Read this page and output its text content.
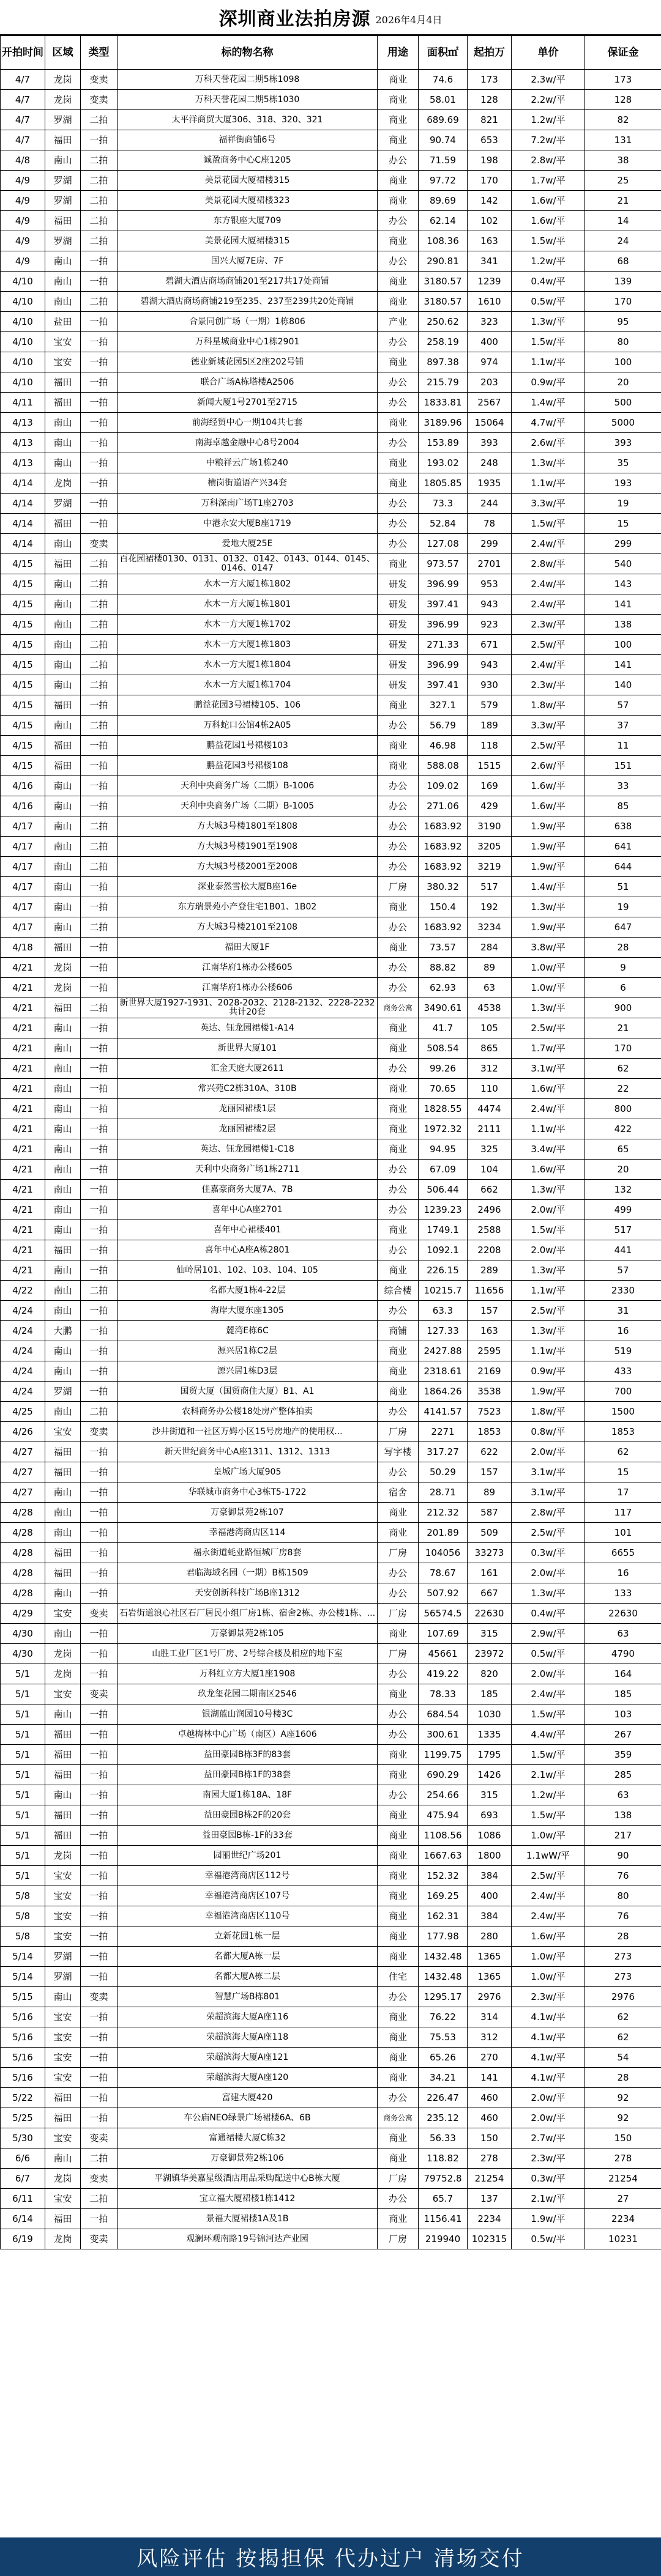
深圳商业法拍房源 2026年4月4日
开拍时间	区域	类型	标的物名称	用途	面积㎡	起拍万	单价	保证金
4/7	龙岗	变卖	万科天誉花园二期5栋1098	商业	74.6	173	2.3w/平	173
4/7	龙岗	变卖	万科天誉花园二期5栋1030	商业	58.01	128	2.2w/平	128
4/7	罗湖	二拍	太平洋商贸大厦306、318、320、321	商业	689.69	821	1.2w/平	82
4/7	福田	一拍	福祥街商铺6号	商业	90.74	653	7.2w/平	131
4/8	南山	二拍	诚盈商务中心C座1205	办公	71.59	198	2.8w/平	38
4/9	罗湖	二拍	美景花园大厦裙楼315	商业	97.72	170	1.7w/平	25
4/9	罗湖	二拍	美景花园大厦裙楼323	商业	89.69	142	1.6w/平	21
4/9	福田	二拍	东方银座大厦709	办公	62.14	102	1.6w/平	14
4/9	罗湖	二拍	美景花园大厦裙楼315	商业	108.36	163	1.5w/平	24
4/9	南山	一拍	国兴大厦7E房、7F	办公	290.81	341	1.2w/平	68
4/10	南山	一拍	碧湖大酒店商场商铺201至217共17处商铺	商业	3180.57	1239	0.4w/平	139
4/10	南山	二拍	碧湖大酒店商场商铺219至235、237至239共20处商铺	商业	3180.57	1610	0.5w/平	170
4/10	盐田	一拍	合景同创广场（一期）1栋806	产业	250.62	323	1.3w/平	95
4/10	宝安	一拍	万科星城商业中心1栋2901	办公	258.19	400	1.5w/平	80
4/10	宝安	一拍	德业新城花园5区2座202号铺	商业	897.38	974	1.1w/平	100
4/10	福田	一拍	联合广场A栋塔楼A2506	办公	215.79	203	0.9w/平	20
4/11	福田	一拍	新闻大厦1号2701至2715	办公	1833.81	2567	1.4w/平	500
4/13	南山	一拍	前海经贸中心一期104共七套	商业	3189.96	15064	4.7w/平	5000
4/13	南山	一拍	南海卓越金融中心8号2004	办公	153.89	393	2.6w/平	393
4/13	南山	一拍	中粮祥云广场1栋240	商业	193.02	248	1.3w/平	35
4/14	龙岗	一拍	横岗街道语产兴34套	商业	1805.85	1935	1.1w/平	193
4/14	罗湖	一拍	万科深南广场T1座2703	办公	73.3	244	3.3w/平	19
4/14	福田	一拍	中港永安大厦B座1719	办公	52.84	78	1.5w/平	15
4/14	南山	变卖	爱地大厦25E	办公	127.08	299	2.4w/平	299
4/15	福田	二拍	百花园裙楼0130、0131、0132、0142、0143、0144、0145、0146、0147	商业	973.57	2701	2.8w/平	540
4/15	南山	二拍	水木一方大厦1栋1802	研发	396.99	953	2.4w/平	143
4/15	南山	二拍	水木一方大厦1栋1801	研发	397.41	943	2.4w/平	141
4/15	南山	二拍	水木一方大厦1栋1702	研发	396.99	923	2.3w/平	138
4/15	南山	二拍	水木一方大厦1栋1803	研发	271.33	671	2.5w/平	100
4/15	南山	二拍	水木一方大厦1栋1804	研发	396.99	943	2.4w/平	141
4/15	南山	二拍	水木一方大厦1栋1704	研发	397.41	930	2.3w/平	140
4/15	福田	一拍	鹏益花园3号裙楼105、106	商业	327.1	579	1.8w/平	57
4/15	南山	二拍	万科蛇口公馆4栋2A05	办公	56.79	189	3.3w/平	37
4/15	福田	一拍	鹏益花园1号裙楼103	商业	46.98	118	2.5w/平	11
4/15	福田	一拍	鹏益花园3号裙楼108	商业	588.08	1515	2.6w/平	151
4/16	南山	一拍	天利中央商务广场（二期）B-1006	办公	109.02	169	1.6w/平	33
4/16	南山	一拍	天利中央商务广场（二期）B-1005	办公	271.06	429	1.6w/平	85
4/17	南山	二拍	方大城3号楼1801至1808	办公	1683.92	3190	1.9w/平	638
4/17	南山	二拍	方大城3号楼1901至1908	办公	1683.92	3205	1.9w/平	641
4/17	南山	二拍	方大城3号楼2001至2008	办公	1683.92	3219	1.9w/平	644
4/17	南山	一拍	深业泰然雪松大厦B座16e	厂房	380.32	517	1.4w/平	51
4/17	南山	一拍	东方瑞景苑小产登住宅1B01、1B02	商业	150.4	192	1.3w/平	19
4/17	南山	二拍	方大城3号楼2101至2108	办公	1683.92	3234	1.9w/平	647
4/18	福田	一拍	福田大厦1F	商业	73.57	284	3.8w/平	28
4/21	龙岗	一拍	江南华府1栋办公楼605	办公	88.82	89	1.0w/平	9
4/21	龙岗	一拍	江南华府1栋办公楼606	办公	62.93	63	1.0w/平	6
4/21	福田	二拍	新世界大厦1927-1931、2028-2032、2128-2132、2228-2232共计20套	商务公寓	3490.61	4538	1.3w/平	900
4/21	南山	一拍	英达、钰龙园裙楼1-A14	商业	41.7	105	2.5w/平	21
4/21	南山	一拍	新世界大厦101	商业	508.54	865	1.7w/平	170
4/21	南山	一拍	汇金天庭大厦2611	办公	99.26	312	3.1w/平	62
4/21	南山	一拍	常兴苑C2栋310A、310B	商业	70.65	110	1.6w/平	22
4/21	南山	一拍	龙丽园裙楼1层	商业	1828.55	4474	2.4w/平	800
4/21	南山	一拍	龙丽园裙楼2层	商业	1972.32	2111	1.1w/平	422
4/21	南山	一拍	英达、钰龙园裙楼1-C18	商业	94.95	325	3.4w/平	65
4/21	南山	一拍	天利中央商务广场1栋2711	办公	67.09	104	1.6w/平	20
4/21	南山	一拍	佳嘉豪商务大厦7A、7B	办公	506.44	662	1.3w/平	132
4/21	南山	一拍	喜年中心A座2701	办公	1239.23	2496	2.0w/平	499
4/21	南山	一拍	喜年中心裙楼401	商业	1749.1	2588	1.5w/平	517
4/21	福田	一拍	喜年中心A座A栋2801	办公	1092.1	2208	2.0w/平	441
4/21	南山	一拍	仙岭居101、102、103、104、105	商业	226.15	289	1.3w/平	57
4/22	南山	二拍	名都大厦1栋4-22层	综合楼	10215.7	11656	1.1w/平	2330
4/24	南山	一拍	海岸大厦东座1305	办公	63.3	157	2.5w/平	31
4/24	大鹏	一拍	麓湾E栋6C	商铺	127.33	163	1.3w/平	16
4/24	南山	一拍	源兴居1栋C2层	商业	2427.88	2595	1.1w/平	519
4/24	南山	一拍	源兴居1栋D3层	商业	2318.61	2169	0.9w/平	433
4/24	罗湖	一拍	国贸大厦（国贸商住大厦）B1、A1	商业	1864.26	3538	1.9w/平	700
4/25	南山	二拍	农科商务办公楼18处房产整体拍卖	办公	4141.57	7523	1.8w/平	1500
4/26	宝安	变卖	沙井街道和一社区万姆小区15号房地产的使用权...	厂房	2271	1853	0.8w/平	1853
4/27	福田	一拍	新天世纪商务中心A座1311、1312、1313	写字楼	317.27	622	2.0w/平	62
4/27	福田	一拍	皇城广场大厦905	办公	50.29	157	3.1w/平	15
4/27	南山	一拍	华联城市商务中心3栋T5-1722	宿舍	28.71	89	3.1w/平	17
4/28	南山	一拍	万豪御景苑2栋107	商业	212.32	587	2.8w/平	117
4/28	南山	一拍	幸福港湾商店区114	商业	201.89	509	2.5w/平	101
4/28	福田	一拍	福永街道蚝业路恒城厂房8套	厂房	104056	33273	0.3w/平	6655
4/28	福田	一拍	君临海域名园（一期）B栋1509	办公	78.67	161	2.0w/平	16
4/28	南山	一拍	天安创新科技广场B座1312	办公	507.92	667	1.3w/平	133
4/29	宝安	变卖	石岩街道浪心社区石厂居民小组厂房1栋、宿舍2栋、办公楼1栋、...	厂房	56574.5	22630	0.4w/平	22630
4/30	南山	一拍	万豪御景苑2栋105	商业	107.69	315	2.9w/平	63
4/30	龙岗	一拍	山胜工业厂区1号厂房、2号综合楼及相应的地下室	厂房	45661	23972	0.5w/平	4790
5/1	龙岗	一拍	万科红立方大厦1座1908	办公	419.22	820	2.0w/平	164
5/1	宝安	变卖	玖龙玺花园二期南区2546	商业	78.33	185	2.4w/平	185
5/1	南山	一拍	银湖蓝山润园10号楼3C	办公	684.54	1030	1.5w/平	103
5/1	福田	一拍	卓越梅林中心广场（南区）A座1606	办公	300.61	1335	4.4w/平	267
5/1	福田	一拍	益田豪园B栋3F的83套	商业	1199.75	1795	1.5w/平	359
5/1	福田	一拍	益田豪园B栋1F的38套	商业	690.29	1426	2.1w/平	285
5/1	南山	一拍	南园大厦1栋18A、18F	办公	254.66	315	1.2w/平	63
5/1	福田	一拍	益田豪园B栋2F的20套	商业	475.94	693	1.5w/平	138
5/1	福田	一拍	益田豪园B栋-1F的33套	商业	1108.56	1086	1.0w/平	217
5/1	龙岗	一拍	园丽世纪广场201	商业	1667.63	1800	1.1wW/平	90
5/1	宝安	一拍	幸福港湾商店区112号	商业	152.32	384	2.5w/平	76
5/8	宝安	一拍	幸福港湾商店区107号	商业	169.25	400	2.4w/平	80
5/8	宝安	一拍	幸福港湾商店区110号	商业	162.31	384	2.4w/平	76
5/8	宝安	一拍	立新花园1栋一层	商业	177.98	280	1.6w/平	28
5/14	罗湖	一拍	名都大厦A栋一层	商业	1432.48	1365	1.0w/平	273
5/14	罗湖	一拍	名都大厦A栋二层	住宅	1432.48	1365	1.0w/平	273
5/15	南山	变卖	智慧广场B栋801	办公	1295.17	2976	2.3w/平	2976
5/16	宝安	一拍	荣超滨海大厦A座116	商业	76.22	314	4.1w/平	62
5/16	宝安	一拍	荣超滨海大厦A座118	商业	75.53	312	4.1w/平	62
5/16	宝安	一拍	荣超滨海大厦A座121	商业	65.26	270	4.1w/平	54
5/16	宝安	一拍	荣超滨海大厦A座120	商业	34.21	141	4.1w/平	28
5/22	福田	一拍	富建大厦420	办公	226.47	460	2.0w/平	92
5/25	福田	一拍	车公庙NEO绿景广场裙楼6A、6B	商务公寓	235.12	460	2.0w/平	92
5/30	宝安	变卖	富通裙楼大厦C栋32	商业	56.33	150	2.7w/平	150
6/6	南山	二拍	万豪御景苑2栋106	商业	118.82	278	2.3w/平	278
6/7	龙岗	变卖	平湖镇华美嘉星级酒店用品采购配送中心B栋大厦	厂房	79752.8	21254	0.3w/平	21254
6/11	宝安	二拍	宝立福大厦裙楼1栋1412	办公	65.7	137	2.1w/平	27
6/14	福田	一拍	景福大厦裙楼1A及1B	商业	1156.41	2234	1.9w/平	2234
6/19	龙岗	变卖	观澜环观南路19号锦河达产业园	厂房	219940	102315	0.5w/平	10231
风险评估 按揭担保 代办过户 清场交付
